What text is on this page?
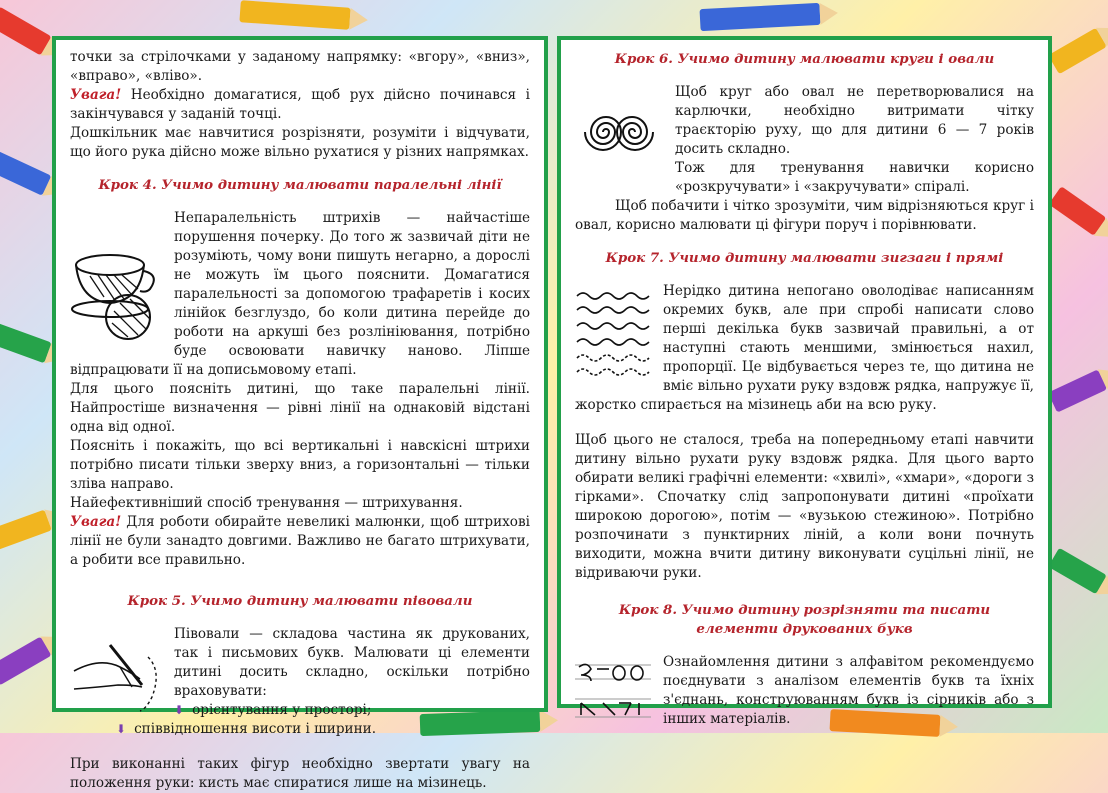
точки за стрілочками у заданому напрямку: «вгору», «вниз», «вправо», «вліво».

Увага! Необхідно домагатися, щоб рух дійсно починався і закінчувався у заданій точці.

Дошкільник має навчитися розрізняти, розуміти і відчувати, що його рука дійсно може вільно рухатися у різних напрямках.

Крок 4. Учимо дитину малювати паралельні лінії

Непаралельність штрихів — найчастіше порушення почерку. До того ж зазвичай діти не розуміють, чому вони пишуть негарно, а дорослі не можуть їм цього пояснити. Домагатися паралельності за допомогою трафаретів і косих лінійок безглуздо, бо коли дитина перейде до роботи на аркуші без розлініювання, потрібно буде освоювати навичку наново. Ліпше відпрацювати її на дописьмовому етапі.

Для цього поясніть дитині, що таке паралельні лінії. Найпростіше визначення — рівні лінії на однаковій відстані одна від одної.

Поясніть і покажіть, що всі вертикальні і навскісні штрихи потрібно писати тільки зверху вниз, а горизонтальні — тільки зліва направо.

Найефективніший спосіб тренування — штрихування.

Увага! Для роботи обирайте невеликі малюнки, щоб штрихові лінії не були занадто довгими. Важливо не багато штрихувати, а робити все правильно.

Крок 5. Учимо дитину малювати півовали

Півовали — складова частина як друкованих, так і письмових букв. Малювати ці елементи дитині досить складно, оскільки потрібно враховувати:

⬇ орієнтування у просторі;
⬇ співвідношення висоти і ширини.

При виконанні таких фігур необхідно звертати увагу на положення руки: кисть має спиратися лише на мізинець.

Крок 6. Учимо дитину малювати круги і овали

Щоб круг або овал не перетворювалися на карлючки, необхідно витримати чітку траєкторію руху, що для дитини 6 — 7 років досить складно.

Тож для тренування навички корисно «розкручувати» і «закручувати» спіралі.

Щоб побачити і чітко зрозуміти, чим відрізняються круг і овал, корисно малювати ці фігури поруч і порівнювати.

Крок 7. Учимо дитину малювати зигзаги і прямі

Нерідко дитина непогано оволодіває написанням окремих букв, але при спробі написати слово перші декілька букв зазвичай правильні, а от наступні стають меншими, змінюється нахил, пропорції. Це відбувається через те, що дитина не вміє вільно рухати руку вздовж рядка, напружує її, жорстко спирається на мізинець аби на всю руку.

Щоб цього не сталося, треба на попередньому етапі навчити дитину вільно рухати руку вздовж рядка. Для цього варто обирати великі графічні елементи: «хвилі», «хмари», «дороги з гірками». Спочатку слід запропонувати дитині «проїхати широкою дорогою», потім — «вузькою стежиною». Потрібно розпочинати з пунктирних ліній, а коли вони почнуть виходити, можна вчити дитину виконувати суцільні лінії, не відриваючи руки.

Крок 8. Учимо дитину розрізняти та писати елементи друкованих букв

Ознайомлення дитини з алфавітом рекомендуємо поєднувати з аналізом елементів букв та їхніх з'єднань, конструюванням букв із сірників або з інших матеріалів.
